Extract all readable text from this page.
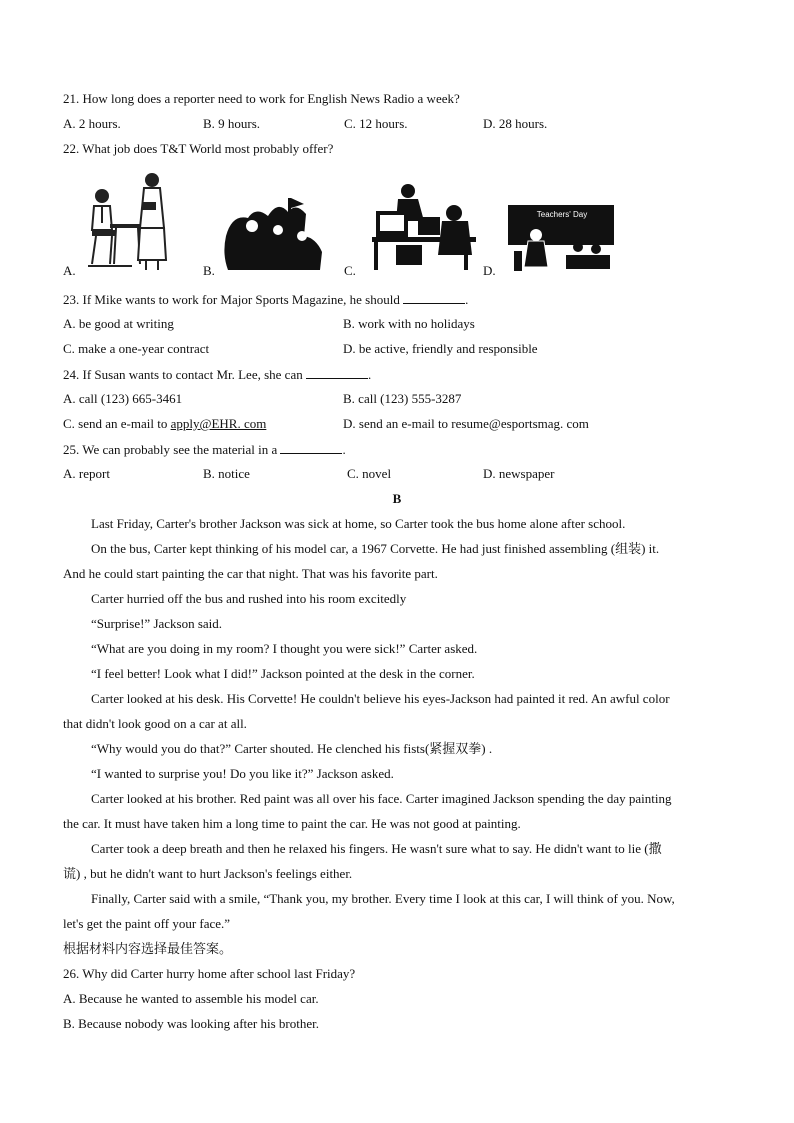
21. How long does a reporter need to work for English News Radio a week?
A. 2 hours.	B. 9 hours.	C. 12 hours.	D. 28 hours.
22. What job does T&T World most probably offer?
A.	B.	C.
Teachers' Day
D.
23. If Mike wants to work for Major Sports Magazine, he should	.
A. be good at writing	B. work with no holidays
C. make a one-year contract	D. be active, friendly and responsible
24. If Susan wants to contact Mr. Lee, she can	.
A. call (123) 665-3461	B. call (123) 555-3287
C. send an e-mail to apply@EHR. com	D. send an e-mail to resume@esportsmag. com
25. We can probably see the material in a	.
A. report	B. notice	C. novel	D. newspaper
B
Last Friday, Carter's brother Jackson was sick at home, so Carter took the bus home alone after school.
On the bus, Carter kept thinking of his model car, a 1967 Corvette. He had just finished assembling (组装) it.
And he could start painting the car that night. That was his favorite part.
Carter hurried off the bus and rushed into his room excitedly
“Surprise!” Jackson said.
“What are you doing in my room? I thought you were sick!” Carter asked.
“I feel better! Look what I did!” Jackson pointed at the desk in the corner.
Carter looked at his desk. His Corvette! He couldn't believe his eyes-Jackson had painted it red. An awful color
that didn't look good on a car at all.
“Why would you do that?” Carter shouted. He clenched his fists(紧握双拳) .
“I wanted to surprise you! Do you like it?” Jackson asked.
Carter looked at his brother. Red paint was all over his face. Carter imagined Jackson spending the day painting
the car. It must have taken him a long time to paint the car. He was not good at painting.
Carter took a deep breath and then he relaxed his fingers. He wasn't sure what to say. He didn't want to lie (撒
谎) , but he didn't want to hurt Jackson's feelings either.
Finally, Carter said with a smile, “Thank you, my brother. Every time I look at this car, I will think of you. Now,
let's get the paint off your face.”
根据材料内容选择最佳答案。
26. Why did Carter hurry home after school last Friday?
A. Because he wanted to assemble his model car.
B. Because nobody was looking after his brother.
